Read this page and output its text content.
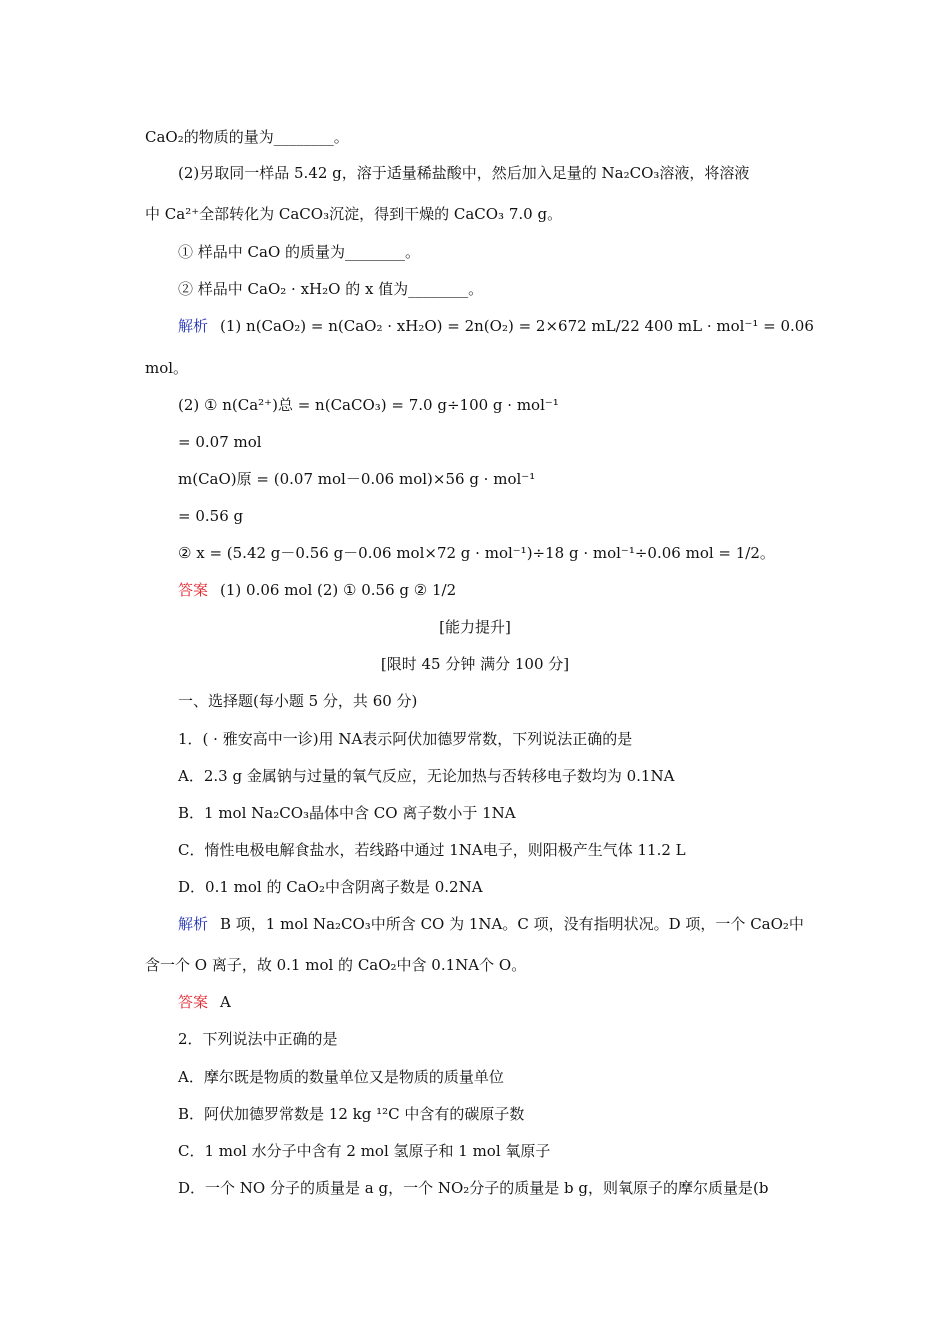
CaO₂的物质的量为________。
(2)另取同一样品 5.42 g，溶于适量稀盐酸中，然后加入足量的 Na₂CO₃溶液，将溶液
中 Ca²⁺全部转化为 CaCO₃沉淀，得到干燥的 CaCO₃ 7.0 g。
① 样品中 CaO 的质量为________。
② 样品中 CaO₂ · xH₂O 的 x 值为________。
解析 (1) n(CaO₂) = n(CaO₂ · xH₂O) = 2n(O₂) = 2×672 mL/22 400 mL · mol⁻¹ = 0.06
mol。
(2) ① n(Ca²⁺)总 = n(CaCO₃) = 7.0 g÷100 g · mol⁻¹
= 0.07 mol
m(CaO)原 = (0.07 mol－0.06 mol)×56 g · mol⁻¹
= 0.56 g
② x = (5.42 g－0.56 g－0.06 mol×72 g · mol⁻¹)÷18 g · mol⁻¹÷0.06 mol = 1/2。
答案 (1) 0.06 mol (2) ① 0.56 g ② 1/2
[能力提升]
[限时 45 分钟 满分 100 分]
一、选择题(每小题 5 分，共 60 分)
1．( · 雅安高中一诊)用 NA表示阿伏加德罗常数，下列说法正确的是
A．2.3 g 金属钠与过量的氧气反应，无论加热与否转移电子数均为 0.1NA
B．1 mol Na₂CO₃晶体中含 CO 离子数小于 1NA
C．惰性电极电解食盐水，若线路中通过 1NA电子，则阳极产生气体 11.2 L
D．0.1 mol 的 CaO₂中含阴离子数是 0.2NA
解析 B 项，1 mol Na₂CO₃中所含 CO 为 1NA。C 项，没有指明状况。D 项，一个 CaO₂中
含一个 O 离子，故 0.1 mol 的 CaO₂中含 0.1NA个 O。
答案 A
2．下列说法中正确的是
A．摩尔既是物质的数量单位又是物质的质量单位
B．阿伏加德罗常数是 12 kg ¹²C 中含有的碳原子数
C．1 mol 水分子中含有 2 mol 氢原子和 1 mol 氧原子
D．一个 NO 分子的质量是 a g，一个 NO₂分子的质量是 b g，则氧原子的摩尔质量是(b
